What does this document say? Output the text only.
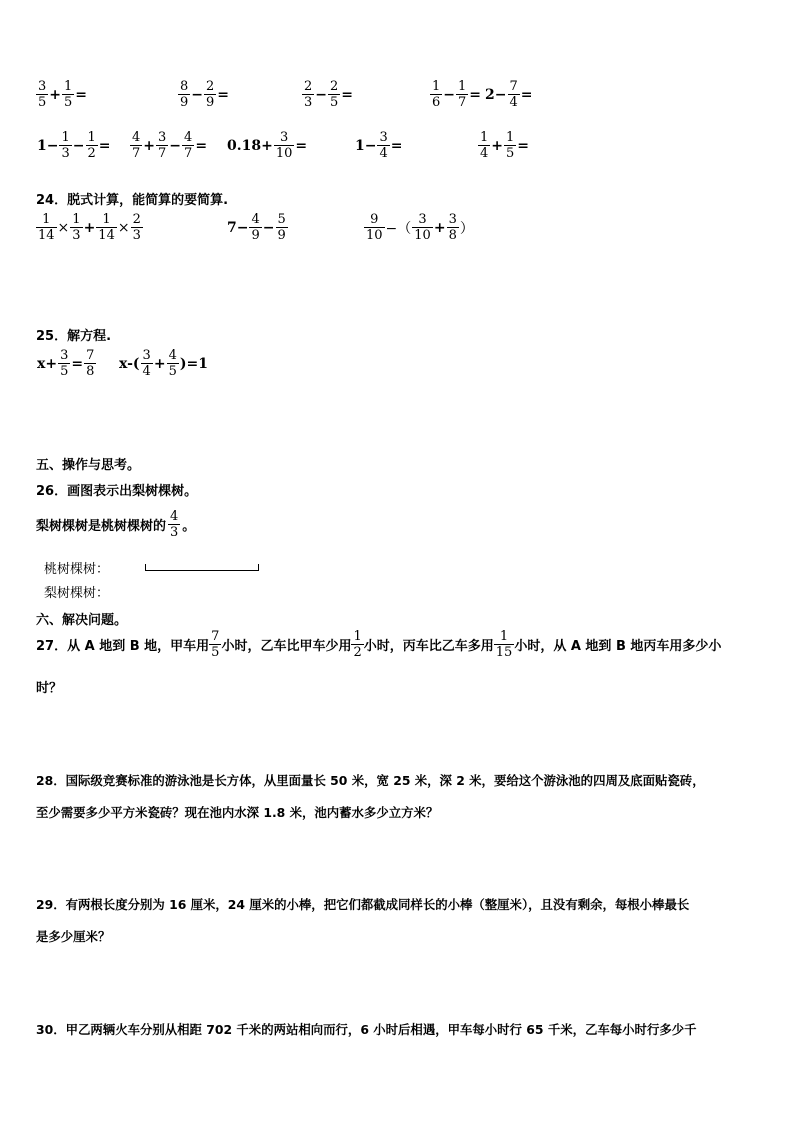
$\frac{3}{5} + \frac{1}{5}$ =	$\frac{8}{9} - \frac{2}{9}$ =	$\frac{2}{3} - \frac{2}{5}$ =	$\frac{1}{6} - \frac{1}{7} = 2- \frac{7}{4}$ =
$1- \frac{1}{3} - \frac{1}{2} = \frac{4}{7} + \frac{3}{7} - \frac{4}{7} = 0.18+ \frac{3}{10}$ =	$1- \frac{3}{4}$ =	$\frac{1}{4} + \frac{1}{5}$ =
24．脱式计算，能简算的要简算.
$\frac{1}{14} \times \frac{1}{3} + \frac{1}{14} \times \frac{2}{3}$	$7- \frac{4}{9} - \frac{5}{9}$	$\frac{9}{10}$ −（ $\frac{3}{10} + \frac{3}{8}$ ）
25．解方程.
$x+ \frac{3}{5} = \frac{7}{8} x-( \frac{3}{4} + \frac{4}{5} )=1$
五、操作与思考。
26．画图表示出梨树棵树。
梨树棵树是桃树棵树的 $\frac{4}{3}$ 。
桃树棵树：
梨树棵树：
六、解决问题。
27．从 A 地到 B 地，甲车用 $\frac{7}{5}$ 小时，乙车比甲车少用 $\frac{1}{2}$ 小时，丙车比乙车多用 $\frac{1}{15}$ 小时，从 A 地到 B 地丙车用多少小
时？
28．国际级竞赛标准的游泳池是长方体，从里面量长 50 米，宽 25 米，深 2 米，要给这个游泳池的四周及底面贴瓷砖，
至少需要多少平方米瓷砖？现在池内水深 1.8 米，池内蓄水多少立方米？
29．有两根长度分别为 16 厘米，24 厘米的小棒，把它们都截成同样长的小棒（整厘米），且没有剩余，每根小棒最长
是多少厘米？
30．甲乙两辆火车分别从相距 702 千米的两站相向而行，6 小时后相遇，甲车每小时行 65 千米，乙车每小时行多少千
